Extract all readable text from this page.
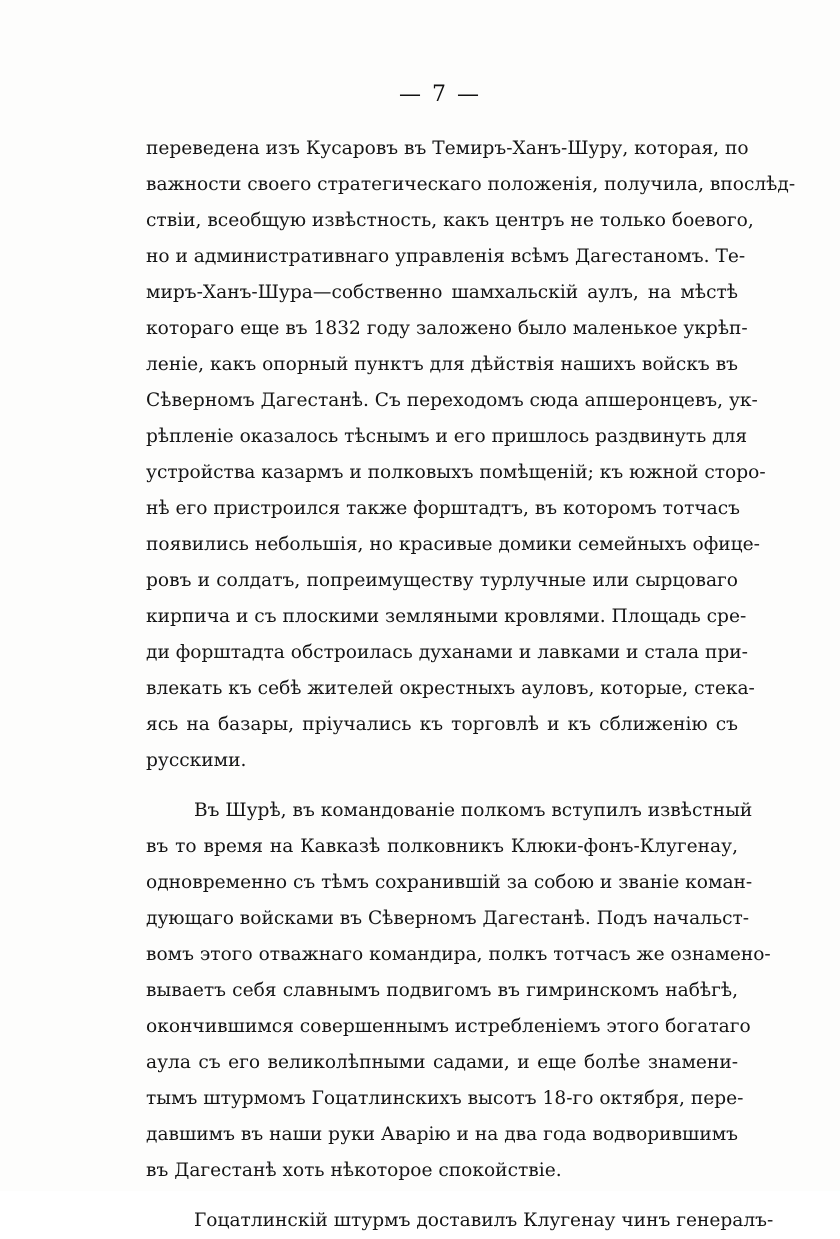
— 7 —
переведена изъ Кусаровъ въ Темиръ-Ханъ-Шуру, которая, по
важности своего стратегическаго положенія, получила, впослѣд-
ствіи, всеобщую извѣстность, какъ центръ не только боевого,
но и административнаго управленія всѣмъ Дагестаномъ. Те-
миръ-Ханъ-Шура—собственно шамхальскій аулъ, на мѣстѣ
котораго еще въ 1832 году заложено было маленькое укрѣп-
леніе, какъ опорный пунктъ для дѣйствія нашихъ войскъ въ
Сѣверномъ Дагестанѣ. Съ переходомъ сюда апшеронцевъ, ук-
рѣпленіе оказалось тѣснымъ и его пришлось раздвинуть для
устройства казармъ и полковыхъ помѣщеній; къ южной сторо-
нѣ его пристроился также форштадтъ, въ которомъ тотчасъ
появились небольшія, но красивые домики семейныхъ офице-
ровъ и солдатъ, попреимуществу турлучные или сырцоваго
кирпича и съ плоскими земляными кровлями. Площадь сре-
ди форштадта обстроилась духанами и лавками и стала при-
влекать къ себѣ жителей окрестныхъ ауловъ, которые, стека-
ясь на базары, пріучались къ торговлѣ и къ сближенію съ
русскими.
Въ Шурѣ, въ командованіе полкомъ вступилъ извѣстный
въ то время на Кавказѣ полковникъ Клюки-фонъ-Клугенау,
одновременно съ тѣмъ сохранившій за собою и званіе коман-
дующаго войсками въ Сѣверномъ Дагестанѣ. Подъ начальст-
вомъ этого отважнаго командира, полкъ тотчасъ же ознамено-
вываетъ себя славнымъ подвигомъ въ гимринскомъ набѣгѣ,
окончившимся совершеннымъ истребленіемъ этого богатаго
аула съ его великолѣпными садами, и еще болѣе знамени-
тымъ штурмомъ Гоцатлинскихъ высотъ 18-го октября, пере-
давшимъ въ наши руки Аварію и на два года водворившимъ
въ Дагестанѣ хоть нѣкоторое спокойствіе.
Гоцатлинскій штурмъ доставилъ Клугенау чинъ генералъ-
